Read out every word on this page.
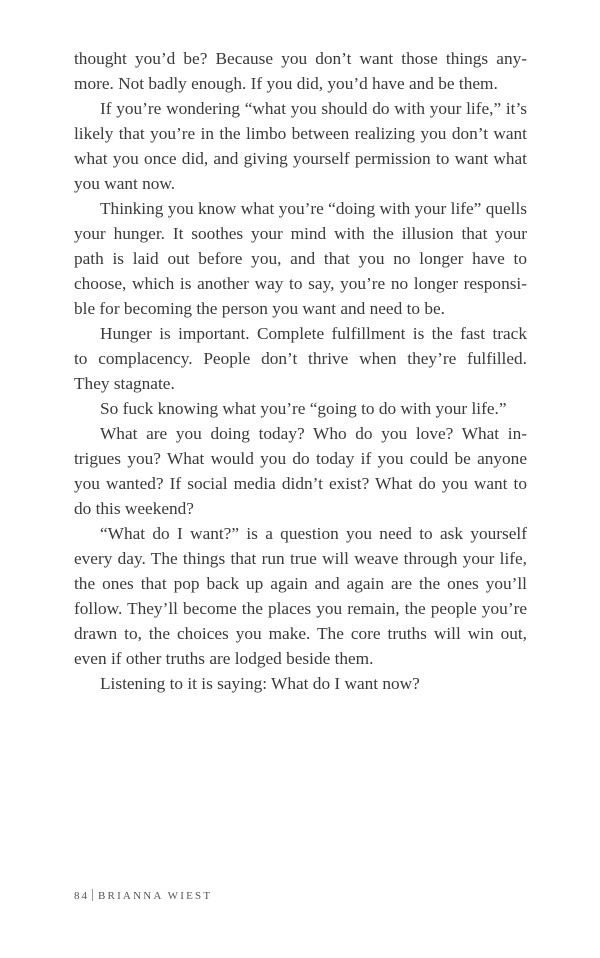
thought you’d be? Because you don’t want those things any-
more. Not badly enough. If you did, you’d have and be them.
If you’re wondering “what you should do with your life,” it’s
likely that you’re in the limbo between realizing you don’t want
what you once did, and giving yourself permission to want what
you want now.
Thinking you know what you’re “doing with your life” quells
your hunger. It soothes your mind with the illusion that your
path is laid out before you, and that you no longer have to
choose, which is another way to say, you’re no longer responsi-
ble for becoming the person you want and need to be.
Hunger is important. Complete fulfillment is the fast track
to complacency. People don’t thrive when they’re fulfilled.
They stagnate.
So fuck knowing what you’re “going to do with your life.”
What are you doing today? Who do you love? What in-
trigues you? What would you do today if you could be anyone
you wanted? If social media didn’t exist? What do you want to
do this weekend?
“What do I want?” is a question you need to ask yourself
every day. The things that run true will weave through your life,
the ones that pop back up again and again are the ones you’ll
follow. They’ll become the places you remain, the people you’re
drawn to, the choices you make. The core truths will win out,
even if other truths are lodged beside them.
Listening to it is saying: What do I want now?
84 BRIANNA WIEST
